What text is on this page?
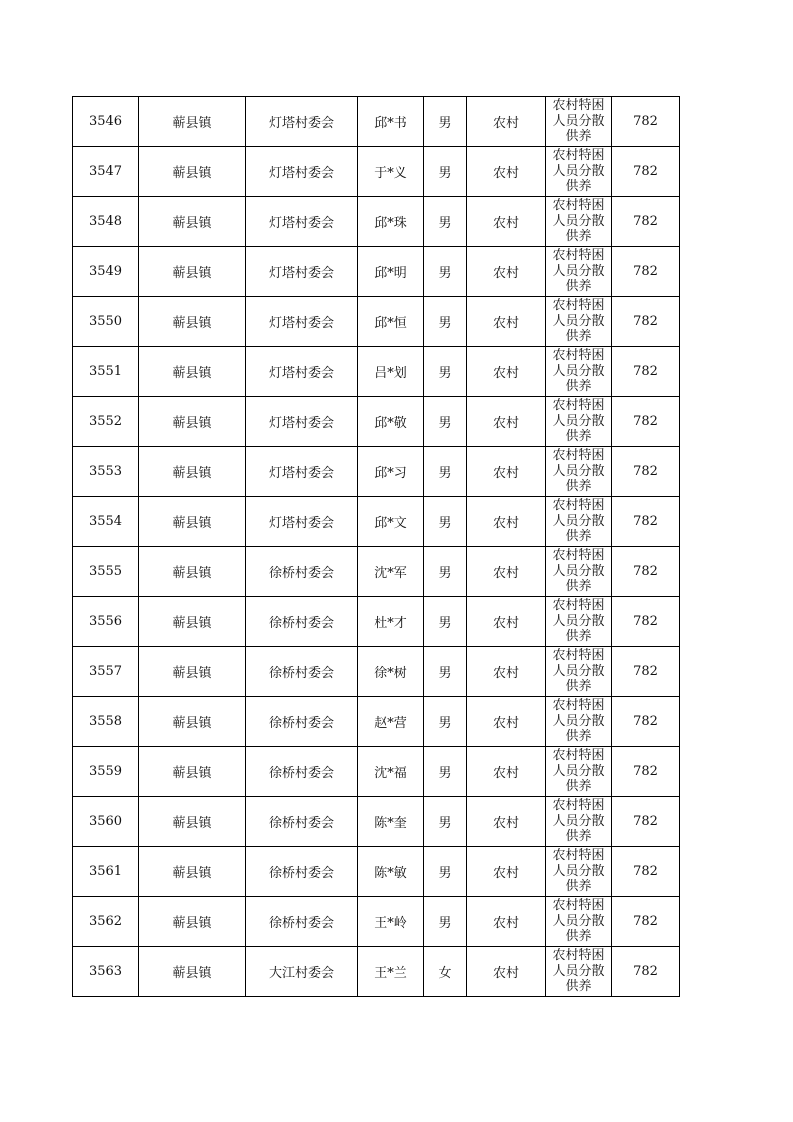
3546	蕲县镇	灯塔村委会	邱*书	男	农村	农村特困人员分散供养	782
3547	蕲县镇	灯塔村委会	于*义	男	农村	农村特困人员分散供养	782
3548	蕲县镇	灯塔村委会	邱*珠	男	农村	农村特困人员分散供养	782
3549	蕲县镇	灯塔村委会	邱*明	男	农村	农村特困人员分散供养	782
3550	蕲县镇	灯塔村委会	邱*恒	男	农村	农村特困人员分散供养	782
3551	蕲县镇	灯塔村委会	吕*划	男	农村	农村特困人员分散供养	782
3552	蕲县镇	灯塔村委会	邱*敬	男	农村	农村特困人员分散供养	782
3553	蕲县镇	灯塔村委会	邱*习	男	农村	农村特困人员分散供养	782
3554	蕲县镇	灯塔村委会	邱*文	男	农村	农村特困人员分散供养	782
3555	蕲县镇	徐桥村委会	沈*军	男	农村	农村特困人员分散供养	782
3556	蕲县镇	徐桥村委会	杜*才	男	农村	农村特困人员分散供养	782
3557	蕲县镇	徐桥村委会	徐*树	男	农村	农村特困人员分散供养	782
3558	蕲县镇	徐桥村委会	赵*营	男	农村	农村特困人员分散供养	782
3559	蕲县镇	徐桥村委会	沈*福	男	农村	农村特困人员分散供养	782
3560	蕲县镇	徐桥村委会	陈*奎	男	农村	农村特困人员分散供养	782
3561	蕲县镇	徐桥村委会	陈*敏	男	农村	农村特困人员分散供养	782
3562	蕲县镇	徐桥村委会	王*岭	男	农村	农村特困人员分散供养	782
3563	蕲县镇	大江村委会	王*兰	女	农村	农村特困人员分散供养	782
